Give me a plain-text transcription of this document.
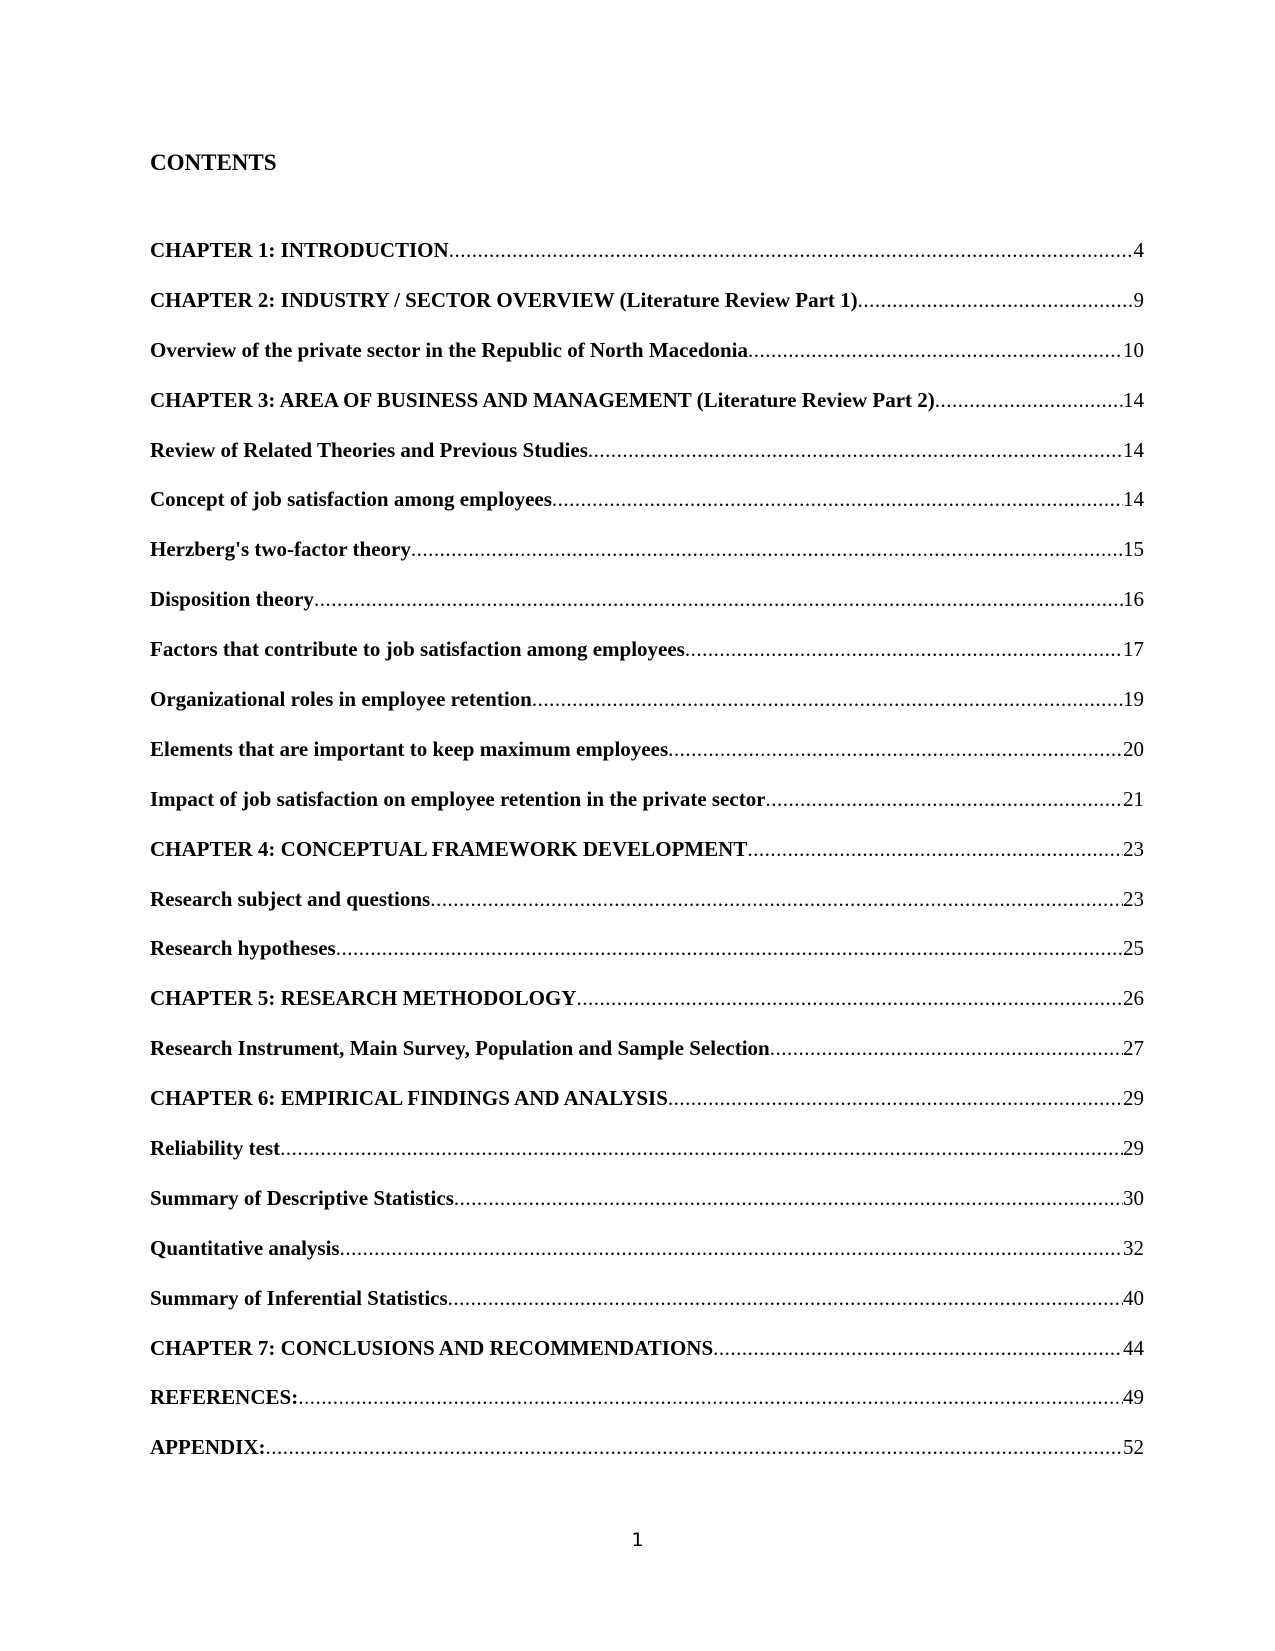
CONTENTS
CHAPTER 1: INTRODUCTION .....	4
CHAPTER 2: INDUSTRY / SECTOR OVERVIEW (Literature Review Part 1) .....	9
Overview of the private sector in the Republic of North Macedonia .....	10
CHAPTER 3: AREA OF BUSINESS AND MANAGEMENT (Literature Review Part 2) .....	14
Review of Related Theories and Previous Studies .....	14
Concept of job satisfaction among employees .....	14
Herzberg's two-factor theory .....	15
Disposition theory .....	16
Factors that contribute to job satisfaction among employees .....	17
Organizational roles in employee retention .....	19
Elements that are important to keep maximum employees .....	20
Impact of job satisfaction on employee retention in the private sector .....	21
CHAPTER 4: CONCEPTUAL FRAMEWORK DEVELOPMENT .....	23
Research subject and questions .....	23
Research hypotheses .....	25
CHAPTER 5: RESEARCH METHODOLOGY .....	26
Research Instrument, Main Survey, Population and Sample Selection .....	27
CHAPTER 6: EMPIRICAL FINDINGS AND ANALYSIS .....	29
Reliability test .....	29
Summary of Descriptive Statistics .....	30
Quantitative analysis .....	32
Summary of Inferential Statistics .....	40
CHAPTER 7: CONCLUSIONS AND RECOMMENDATIONS .....	44
REFERENCES: .....	49
APPENDIX: .....	52
1
